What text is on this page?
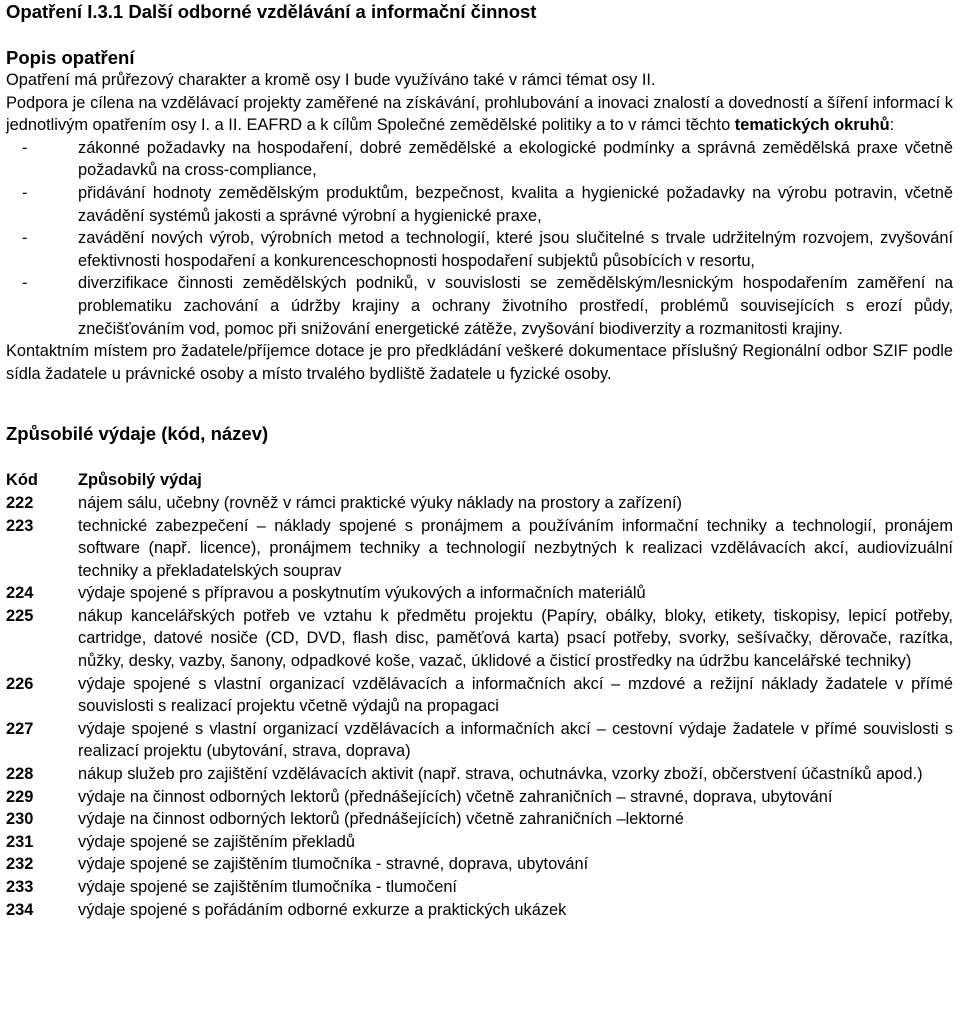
Opatření I.3.1 Další odborné vzdělávání a informační činnost
Popis opatření

Opatření má průřezový charakter a kromě osy I bude využíváno také v rámci témat osy II.

Podpora je cílena na vzdělávací projekty zaměřené na získávání, prohlubování a inovaci znalostí a dovedností a šíření informací k jednotlivým opatřením osy I. a II. EAFRD a k cílům Společné zemědělské politiky a to v rámci těchto tematických okruhů:

-	zákonné požadavky na hospodaření, dobré zemědělské a ekologické podmínky a správná zemědělská praxe včetně požadavků na cross-compliance,
-	přidávání hodnoty zemědělským produktům, bezpečnost, kvalita a hygienické požadavky na výrobu potravin, včetně zavádění systémů jakosti a správné výrobní a hygienické praxe,
-	zavádění nových výrob, výrobních metod a technologií, které jsou slučitelné s trvale udržitelným rozvojem, zvyšování efektivnosti hospodaření a konkurenceschopnosti hospodaření subjektů působících v resortu,
-	diverzifikace činnosti zemědělských podniků, v souvislosti se zemědělským/lesnickým hospodařením zaměření na problematiku zachování a údržby krajiny a ochrany životního prostředí, problémů souvisejících s erozí půdy, znečišťováním vod, pomoc při snižování energetické zátěže, zvyšování biodiverzity a rozmanitosti krajiny.

Kontaktním místem pro žadatele/příjemce dotace je pro předkládání veškeré dokumentace příslušný Regionální odbor SZIF podle sídla žadatele u právnické osoby a místo trvalého bydliště žadatele u fyzické osoby.

Způsobilé výdaje (kód, název)
Kód	Způsobilý výdaj
222	nájem sálu, učebny (rovněž v rámci praktické výuky náklady na prostory a zařízení)
223	technické zabezpečení – náklady spojené s pronájmem a používáním informační techniky a technologií, pronájem software (např. licence), pronájmem techniky a technologií nezbytných k realizaci vzdělávacích akcí, audiovizuální techniky a překladatelských souprav
224	výdaje spojené s přípravou a poskytnutím výukových a informačních materiálů
225	nákup kancelářských potřeb ve vztahu k předmětu projektu (Papíry, obálky, bloky, etikety, tiskopisy, lepicí potřeby, cartridge, datové nosiče (CD, DVD, flash disc, paměťová karta) psací potřeby, svorky, sešívačky, děrovače, razítka, nůžky, desky, vazby, šanony, odpadkové koše, vazač, úklidové a čisticí prostředky na údržbu kancelářské techniky)
226	výdaje spojené s vlastní organizací vzdělávacích a informačních akcí – mzdové a režijní náklady žadatele v přímé souvislosti s realizací projektu včetně výdajů na propagaci
227	výdaje spojené s vlastní organizací vzdělávacích a informačních akcí – cestovní výdaje žadatele v přímé souvislosti s realizací projektu (ubytování, strava, doprava)
228	nákup služeb pro zajištění vzdělávacích aktivit (např. strava, ochutnávka, vzorky zboží, občerstvení účastníků apod.)
229	výdaje na činnost odborných lektorů (přednášejících) včetně zahraničních – stravné, doprava, ubytování
230	výdaje na činnost odborných lektorů (přednášejících) včetně zahraničních –lektorné
231	výdaje spojené se zajištěním překladů
232	výdaje spojené se zajištěním tlumočníka - stravné, doprava, ubytování
233	výdaje spojené se zajištěním tlumočníka - tlumočení
234	výdaje spojené s pořádáním odborné exkurze a praktických ukázek
